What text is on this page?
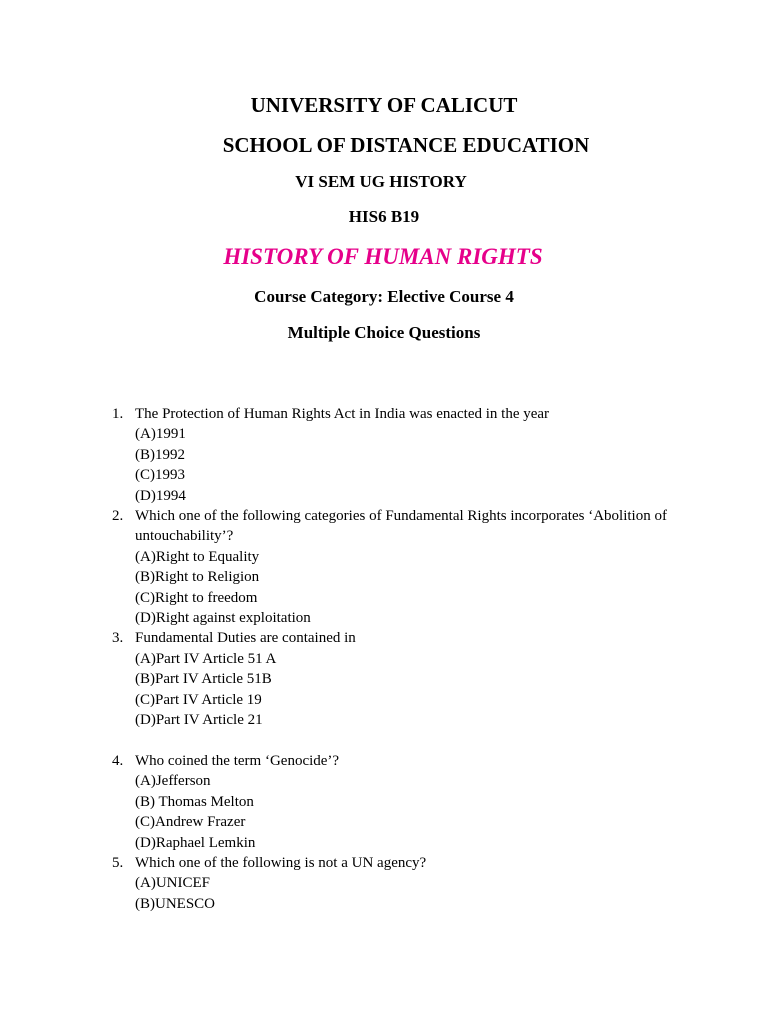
UNIVERSITY OF CALICUT
SCHOOL OF DISTANCE EDUCATION
VI SEM UG HISTORY
HIS6 B19
HISTORY OF HUMAN RIGHTS
Course Category: Elective Course 4
Multiple Choice Questions
1. The Protection of Human Rights Act in India was enacted in the year
(A)1991
(B)1992
(C)1993
(D)1994
2. Which one of the following categories of Fundamental Rights incorporates ‘Abolition of untouchability’?
(A)Right to Equality
(B)Right to Religion
(C)Right to freedom
(D)Right against exploitation
3. Fundamental Duties are contained in
(A)Part IV Article 51 A
(B)Part IV Article 51B
(C)Part IV Article 19
(D)Part IV Article 21
4. Who coined the term ‘Genocide’?
(A)Jefferson
(B) Thomas Melton
(C)Andrew Frazer
(D)Raphael Lemkin
5. Which one of the following is not a UN agency?
(A)UNICEF
(B)UNESCO
